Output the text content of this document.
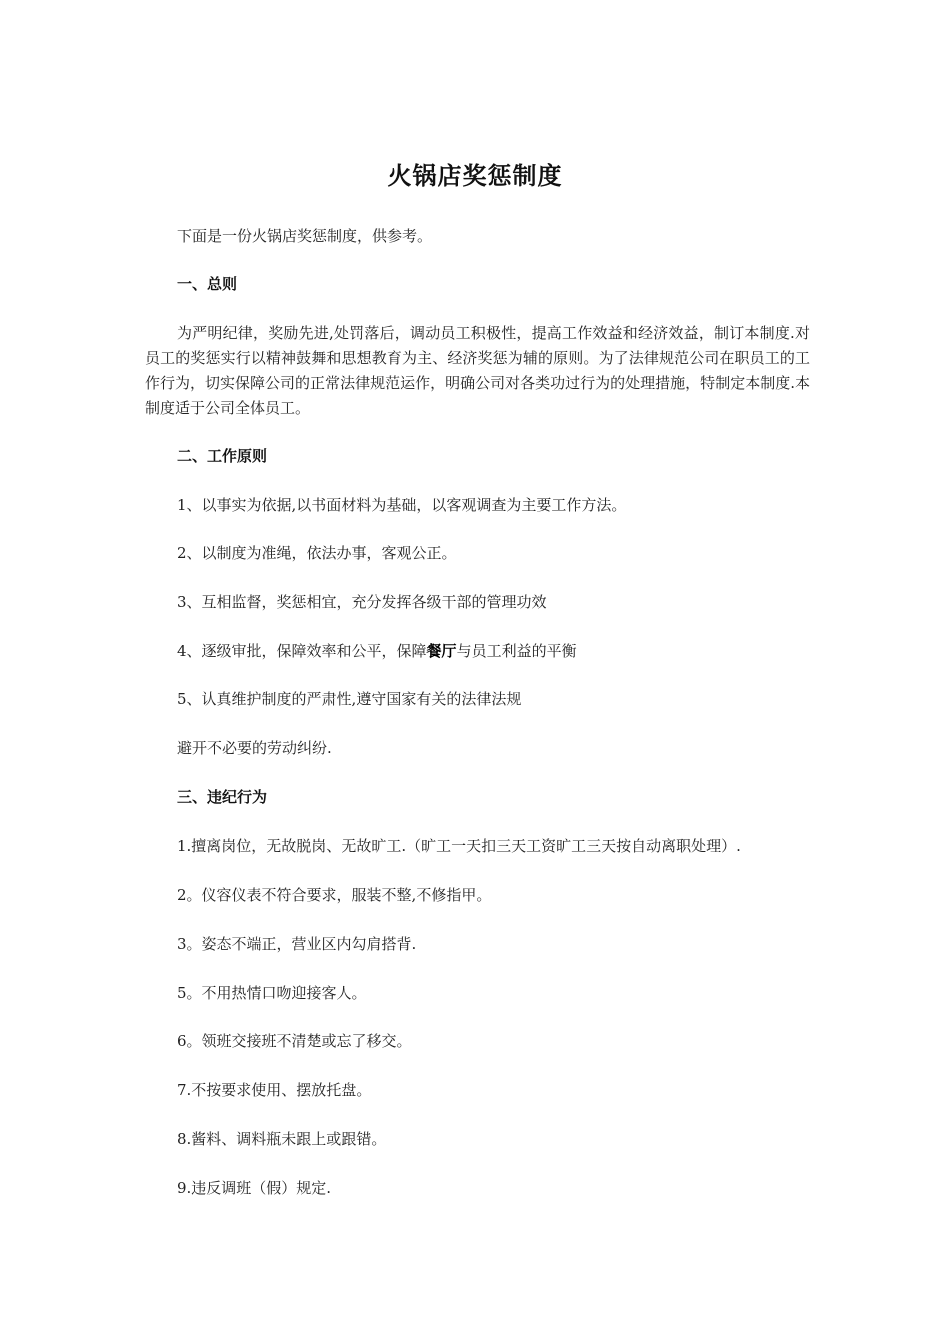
火锅店奖惩制度
下面是一份火锅店奖惩制度，供参考。
一、总则
为严明纪律，奖励先进,处罚落后，调动员工积极性，提高工作效益和经济效益，制订本制度.对员工的奖惩实行以精神鼓舞和思想教育为主、经济奖惩为辅的原则。为了法律规范公司在职员工的工作行为，切实保障公司的正常法律规范运作，明确公司对各类功过行为的处理措施，特制定本制度.本制度适于公司全体员工。
二、工作原则
1、以事实为依据,以书面材料为基础，以客观调查为主要工作方法。
2、以制度为准绳，依法办事，客观公正。
3、互相监督，奖惩相宜，充分发挥各级干部的管理功效
4、逐级审批，保障效率和公平，保障餐厅与员工利益的平衡
5、认真维护制度的严肃性,遵守国家有关的法律法规
避开不必要的劳动纠纷.
三、违纪行为
1.擅离岗位，无故脱岗、无故旷工.（旷工一天扣三天工资旷工三天按自动离职处理）.
2。仪容仪表不符合要求，服装不整,不修指甲。
3。姿态不端正，营业区内勾肩搭背.
5。不用热情口吻迎接客人。
6。领班交接班不清楚或忘了移交。
7.不按要求使用、摆放托盘。
8.酱料、调料瓶未跟上或跟错。
9.违反调班（假）规定.
